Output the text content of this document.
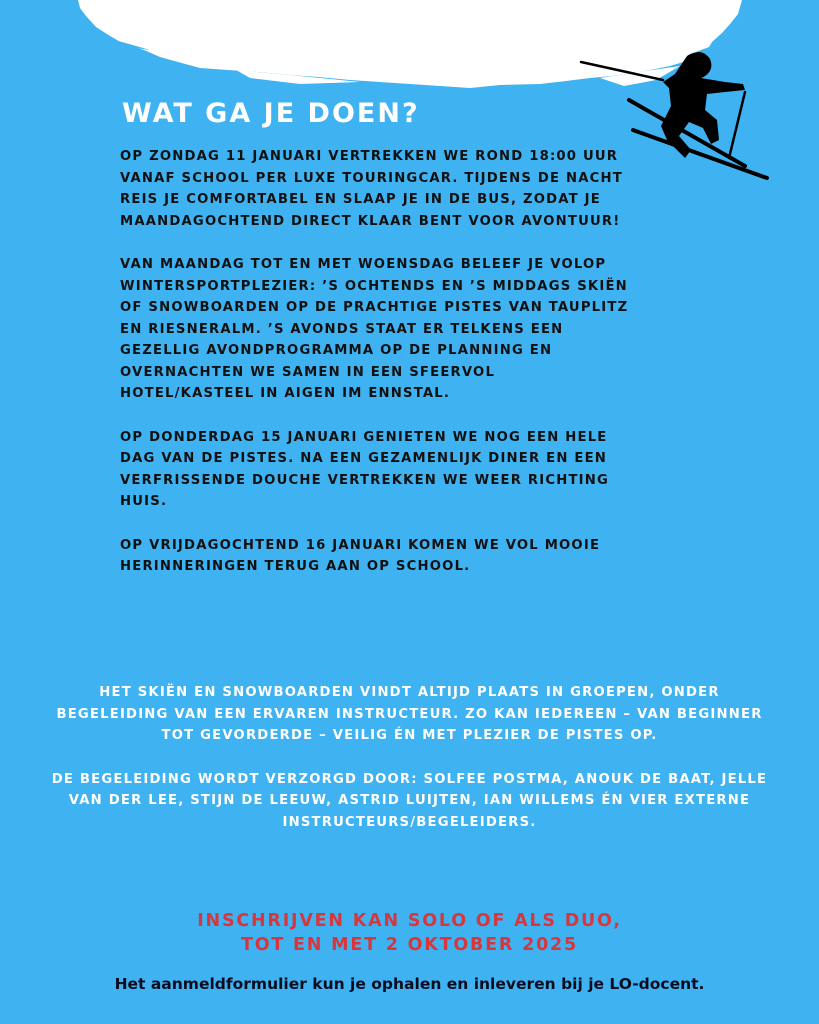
WAT GA JE DOEN?

OP ZONDAG 11 JANUARI VERTREKKEN WE ROND 18:00 UUR VANAF SCHOOL PER LUXE TOURINGCAR. TIJDENS DE NACHT REIS JE COMFORTABEL EN SLAAP JE IN DE BUS, ZODAT JE MAANDAGOCHTEND DIRECT KLAAR BENT VOOR AVONTUUR!

VAN MAANDAG TOT EN MET WOENSDAG BELEEF JE VOLOP WINTERSPORTPLEZIER: ’S OCHTENDS EN ’S MIDDAGS SKIËN OF SNOWBOARDEN OP DE PRACHTIGE PISTES VAN TAUPLITZ EN RIESNERALM. ’S AVONDS STAAT ER TELKENS EEN GEZELLIG AVONDPROGRAMMA OP DE PLANNING EN OVERNACHTEN WE SAMEN IN EEN SFEERVOL HOTEL/KASTEEL IN AIGEN IM ENNSTAL.

OP DONDERDAG 15 JANUARI GENIETEN WE NOG EEN HELE DAG VAN DE PISTES. NA EEN GEZAMENLIJK DINER EN EEN VERFRISSENDE DOUCHE VERTREKKEN WE WEER RICHTING HUIS.

OP VRIJDAGOCHTEND 16 JANUARI KOMEN WE VOL MOOIE HERINNERINGEN TERUG AAN OP SCHOOL.

HET SKIËN EN SNOWBOARDEN VINDT ALTIJD PLAATS IN GROEPEN, ONDER BEGELEIDING VAN EEN ERVAREN INSTRUCTEUR. ZO KAN IEDEREEN – VAN BEGINNER TOT GEVORDERDE – VEILIG ÉN MET PLEZIER DE PISTES OP.

DE BEGELEIDING WORDT VERZORGD DOOR: SOLFEE POSTMA, ANOUK DE BAAT, JELLE VAN DER LEE, STIJN DE LEEUW, ASTRID LUIJTEN, IAN WILLEMS ÉN VIER EXTERNE INSTRUCTEURS/BEGELEIDERS.

INSCHRIJVEN KAN SOLO OF ALS DUO,
TOT EN MET 2 OKTOBER 2025

Het aanmeldformulier kun je ophalen en inleveren bij je LO-docent.
